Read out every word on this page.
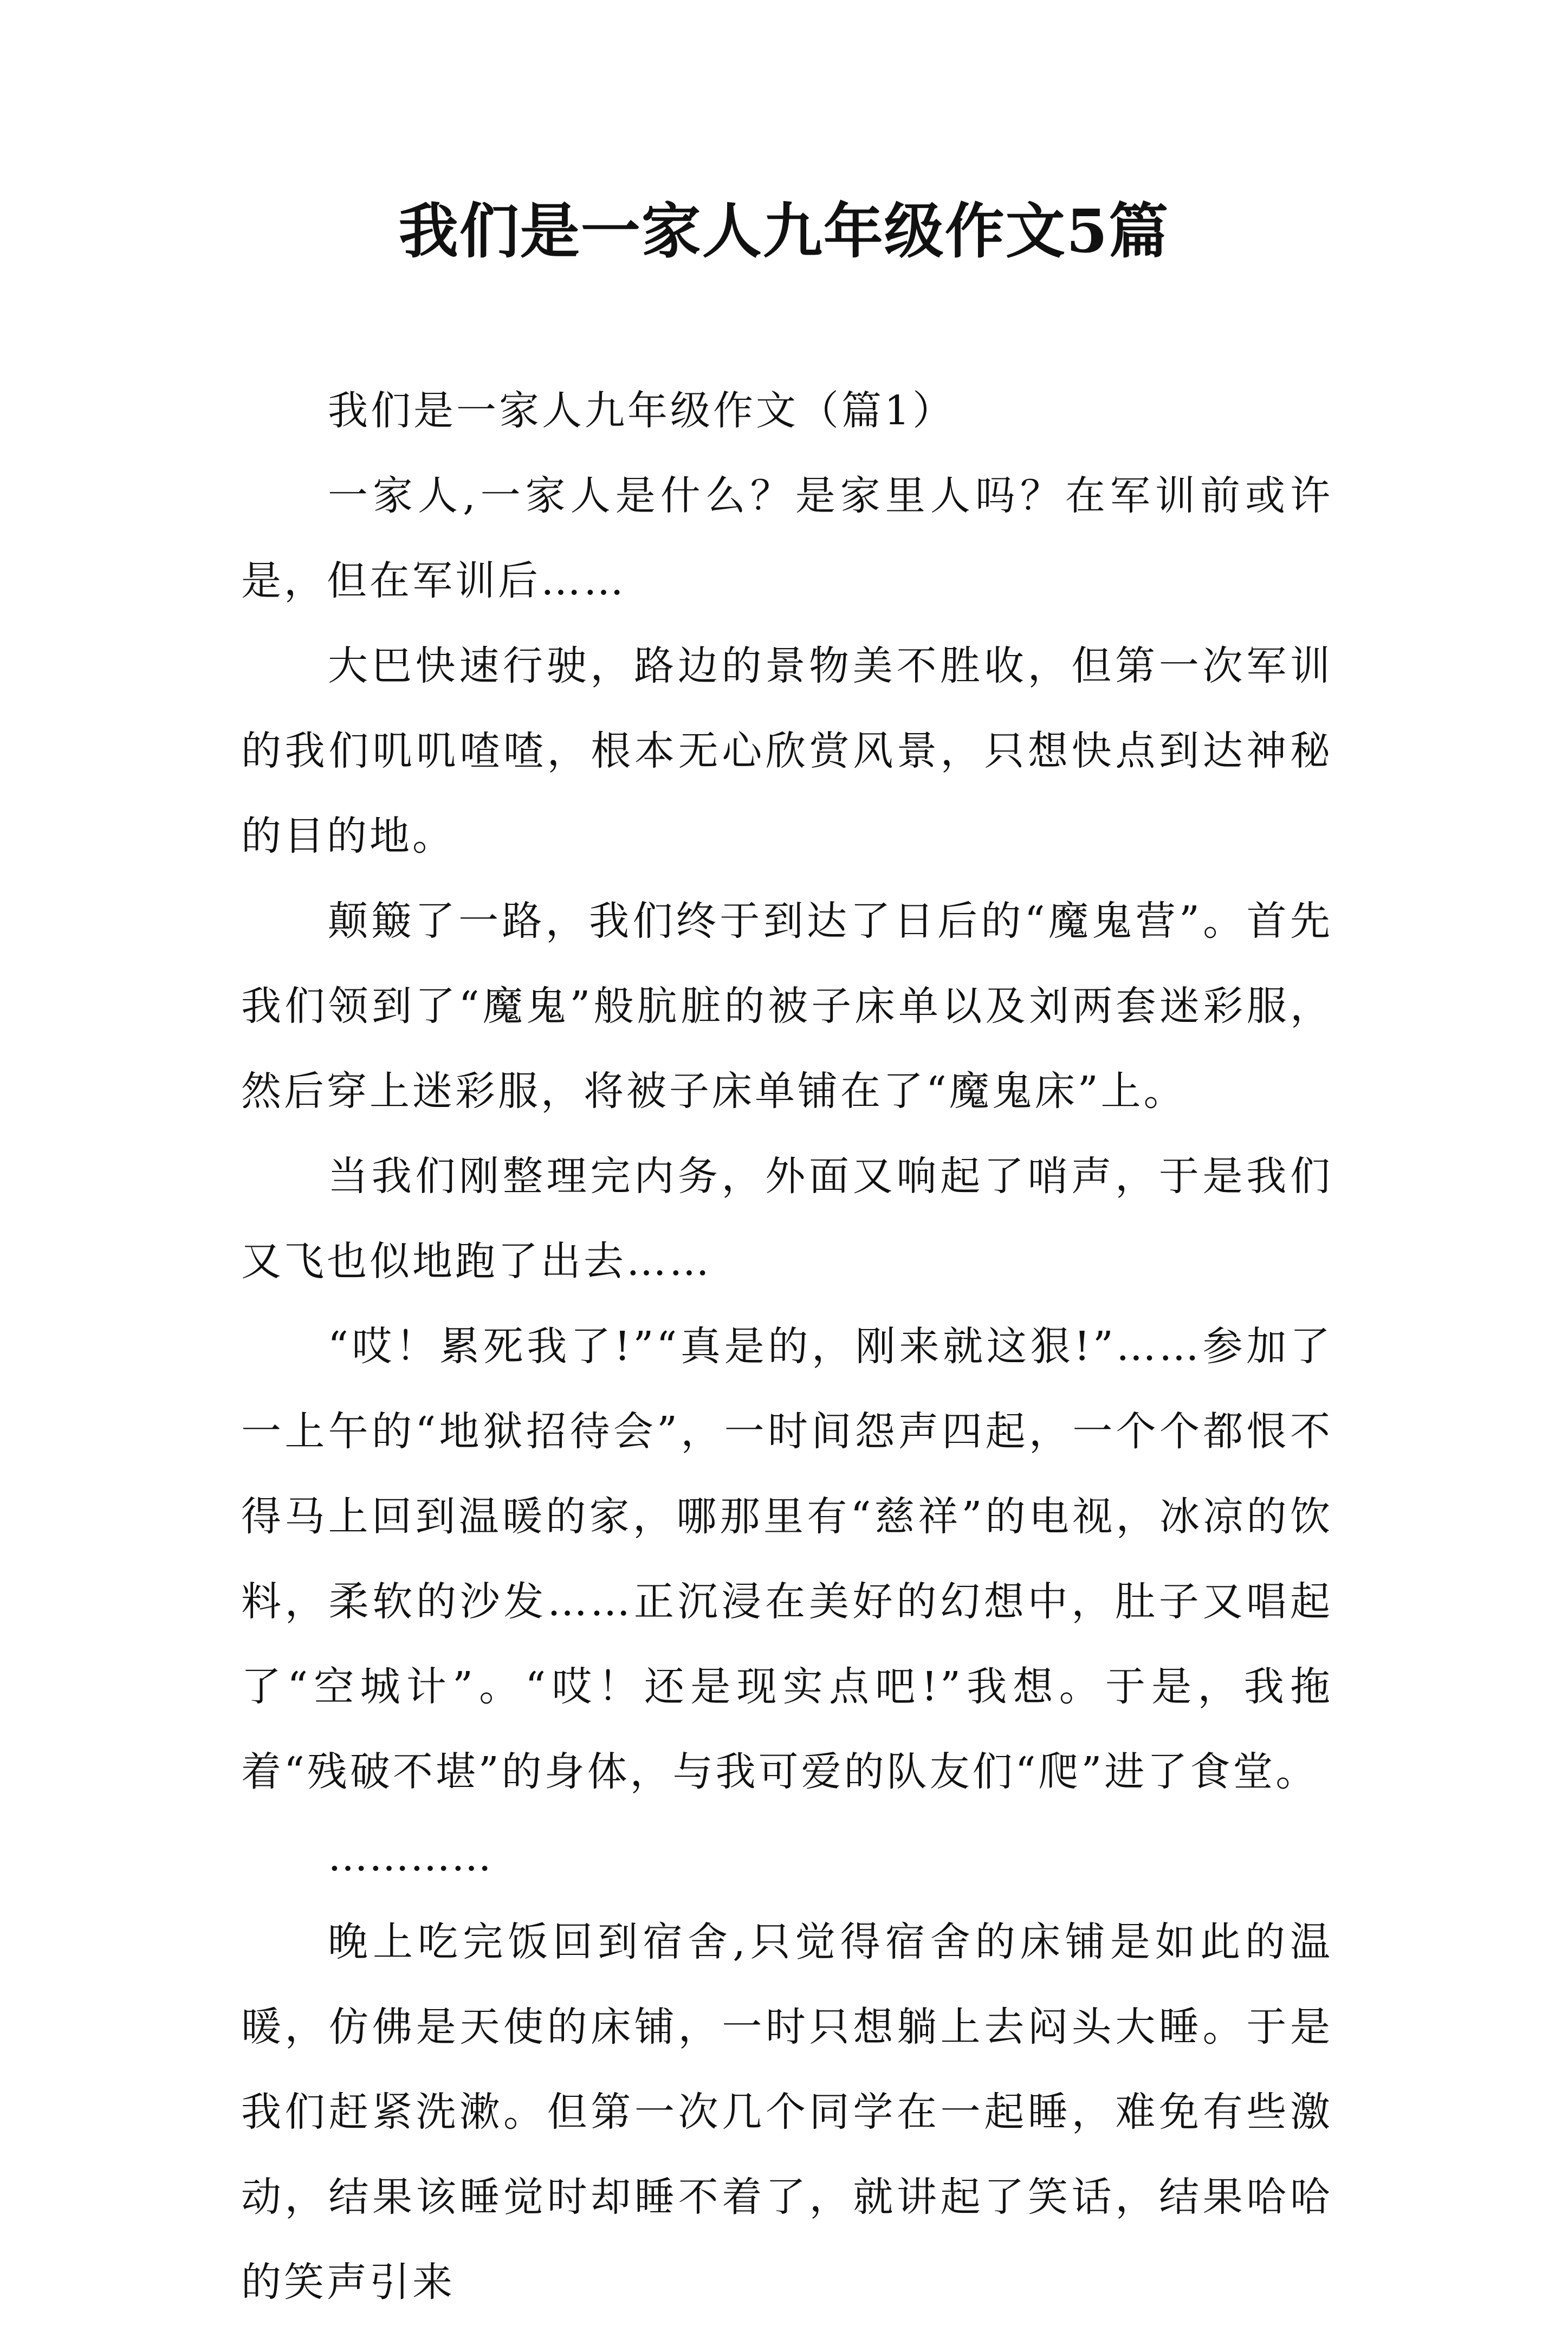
我们是一家人九年级作文5篇

我们是一家人九年级作文（篇1）

一家人,一家人是什么？是家里人吗？在军训前或许是，但在军训后……

大巴快速行驶，路边的景物美不胜收，但第一次军训的我们叽叽喳喳，根本无心欣赏风景，只想快点到达神秘的目的地。

颠簸了一路，我们终于到达了日后的“魔鬼营”。首先我们领到了“魔鬼”般肮脏的被子床单以及刘两套迷彩服，然后穿上迷彩服，将被子床单铺在了“魔鬼床”上。

当我们刚整理完内务，外面又响起了哨声，于是我们又飞也似地跑了出去……

“哎！累死我了!”“真是的，刚来就这狠!”……参加了一上午的“地狱招待会”，一时间怨声四起，一个个都恨不得马上回到温暖的家，哪那里有“慈祥”的电视，冰凉的饮料，柔软的沙发……正沉浸在美好的幻想中，肚子又唱起了“空城计”。“哎！还是现实点吧!”我想。于是，我拖着“残破不堪”的身体，与我可爱的队友们“爬”进了食堂。

…………

晚上吃完饭回到宿舍,只觉得宿舍的床铺是如此的温暖，仿佛是天使的床铺，一时只想躺上去闷头大睡。于是我们赶紧洗漱。但第一次几个同学在一起睡，难免有些激动，结果该睡觉时却睡不着了，就讲起了笑话，结果哈哈的笑声引来
